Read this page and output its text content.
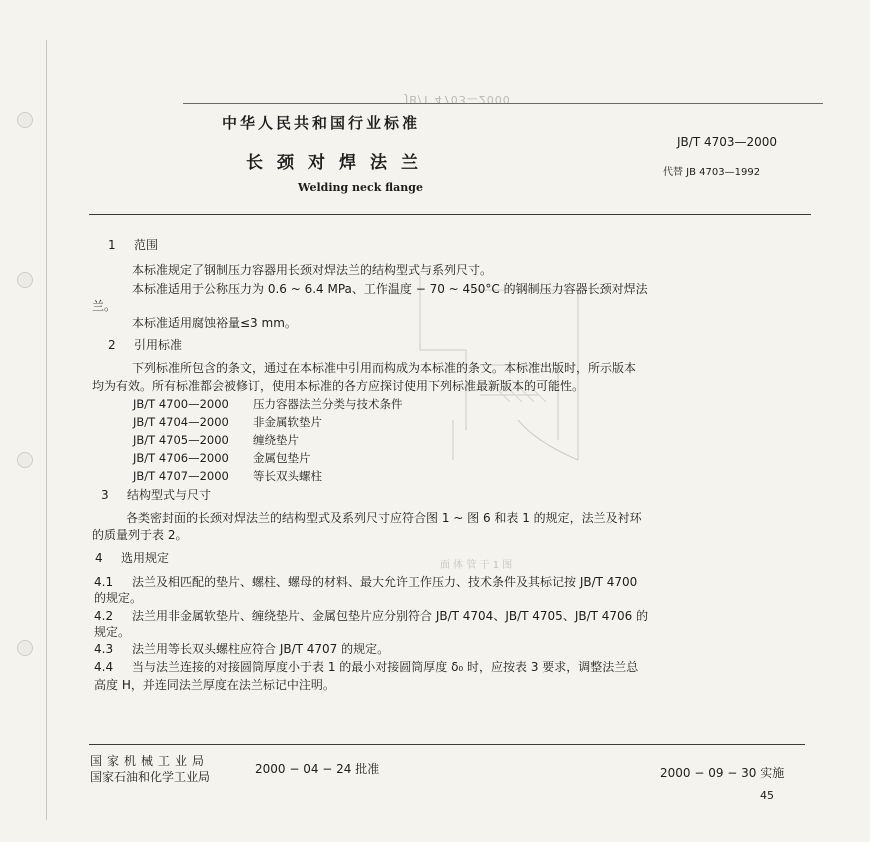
JB/T 4703—2000
中华人民共和国行业标准
JB/T 4703—2000
长颈对焊法兰	代替 JB 4703—1992
Welding neck flange
1 范围
本标准规定了钢制压力容器用长颈对焊法兰的结构型式与系列尺寸。
本标准适用于公称压力为 0.6 ~ 6.4 MPa、工作温度 − 70 ~ 450°C 的钢制压力容器长颈对焊法
兰。
本标准适用腐蚀裕量≤3 mm。
2 引用标准
下列标准所包含的条文，通过在本标准中引用而构成为本标准的条文。本标准出版时，所示版本
均为有效。所有标准都会被修订，使用本标准的各方应探讨使用下列标准最新版本的可能性。
JB/T 4700—2000 压力容器法兰分类与技术条件
JB/T 4704—2000 非金属软垫片
JB/T 4705—2000 缠绕垫片
JB/T 4706—2000 金属包垫片
JB/T 4707—2000 等长双头螺柱
3 结构型式与尺寸
各类密封面的长颈对焊法兰的结构型式及系列尺寸应符合图 1 ~ 图 6 和表 1 的规定，法兰及衬环
的质量列于表 2。
4 选用规定
面 体 管 干 1 图
4.1 法兰及相匹配的垫片、螺柱、螺母的材料、最大允许工作压力、技术条件及其标记按 JB/T 4700
的规定。
4.2 法兰用非金属软垫片、缠绕垫片、金属包垫片应分别符合 JB/T 4704、JB/T 4705、JB/T 4706 的
规定。
4.3 法兰用等长双头螺柱应符合 JB/T 4707 的规定。
4.4 当与法兰连接的对接圆筒厚度小于表 1 的最小对接圆筒厚度 δ₀ 时，应按表 3 要求，调整法兰总
高度 H，并连同法兰厚度在法兰标记中注明。
国家机械工业局
国家石油和化学工业局
2000 − 04 − 24 批准	2000 − 09 − 30 实施
45
